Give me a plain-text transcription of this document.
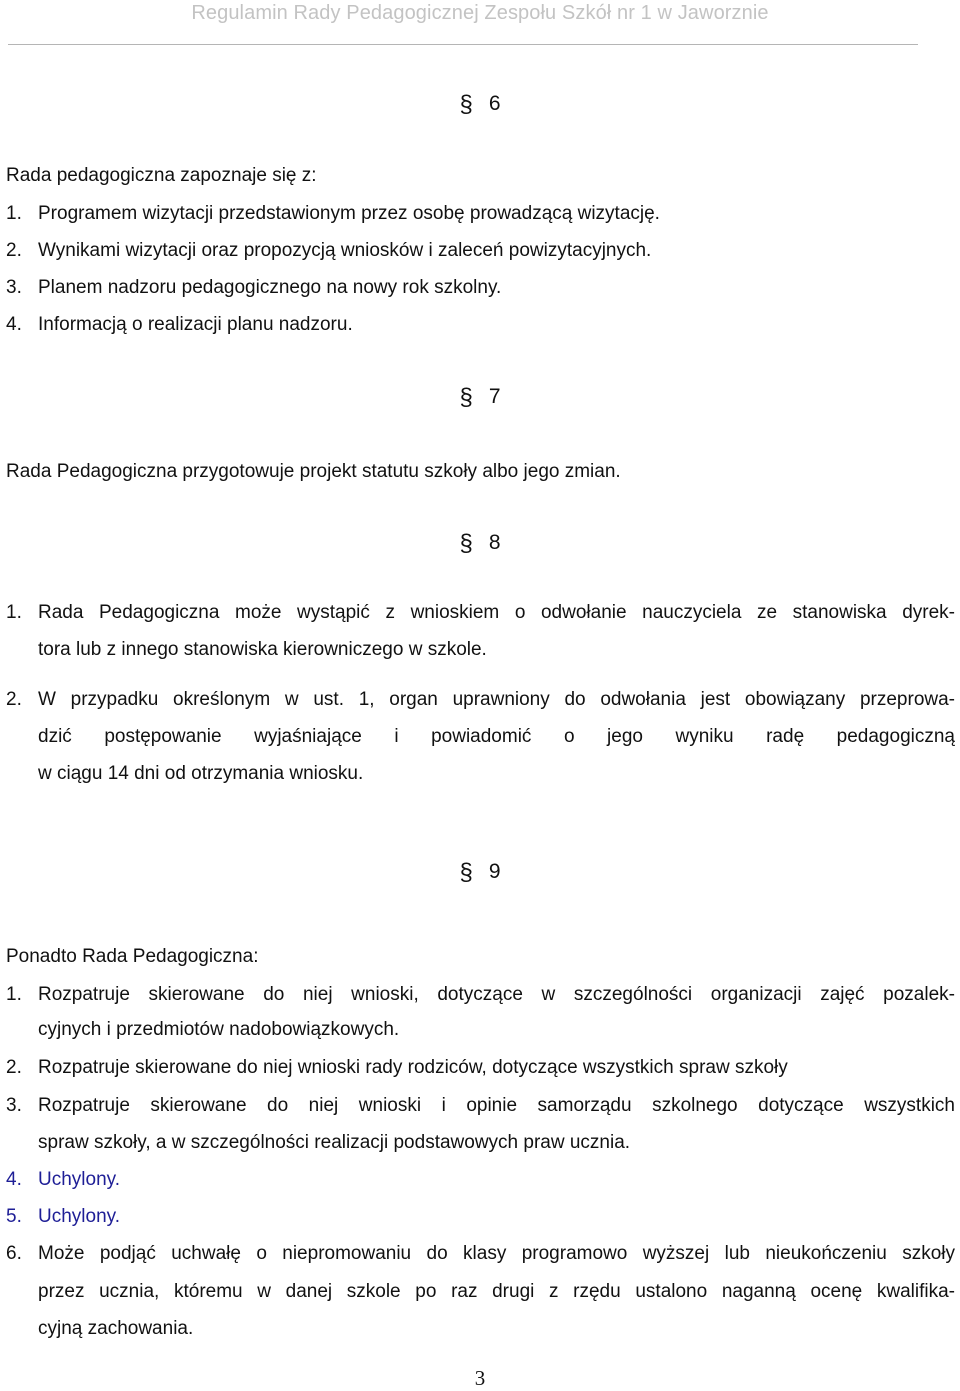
Regulamin Rady Pedagogicznej Zespołu Szkół nr 1 w Jaworznie
§ 6
Rada pedagogiczna zapoznaje się z:
1. Programem wizytacji przedstawionym przez osobę prowadzącą wizytację.
2. Wynikami wizytacji oraz propozycją wniosków i zaleceń powizytacyjnych.
3. Planem nadzoru pedagogicznego na nowy rok szkolny.
4. Informacją o realizacji planu nadzoru.
§ 7
Rada Pedagogiczna przygotowuje projekt statutu szkoły albo jego zmian.
§ 8
1. Rada Pedagogiczna może wystąpić z wnioskiem o odwołanie nauczyciela ze stanowiska dyrek-
tora lub z innego stanowiska kierowniczego w szkole.
2. W przypadku określonym w ust. 1, organ uprawniony do odwołania jest obowiązany przeprowa-
dzić postępowanie wyjaśniające i powiadomić o jego wyniku radę pedagogiczną
w ciągu 14 dni od otrzymania wniosku.
§ 9
Ponadto Rada Pedagogiczna:
1. Rozpatruje skierowane do niej wnioski, dotyczące w szczególności organizacji zajęć pozalek-
cyjnych i przedmiotów nadobowiązkowych.
2. Rozpatruje skierowane do niej wnioski rady rodziców, dotyczące wszystkich spraw szkoły
3. Rozpatruje skierowane do niej wnioski i opinie samorządu szkolnego dotyczące wszystkich
spraw szkoły, a w szczególności realizacji podstawowych praw ucznia.
4. Uchylony.
5. Uchylony.
6. Może podjąć uchwałę o niepromowaniu do klasy programowo wyższej lub nieukończeniu szkoły
przez ucznia, któremu w danej szkole po raz drugi z rzędu ustalono naganną ocenę kwalifika-
cyjną zachowania.
3
